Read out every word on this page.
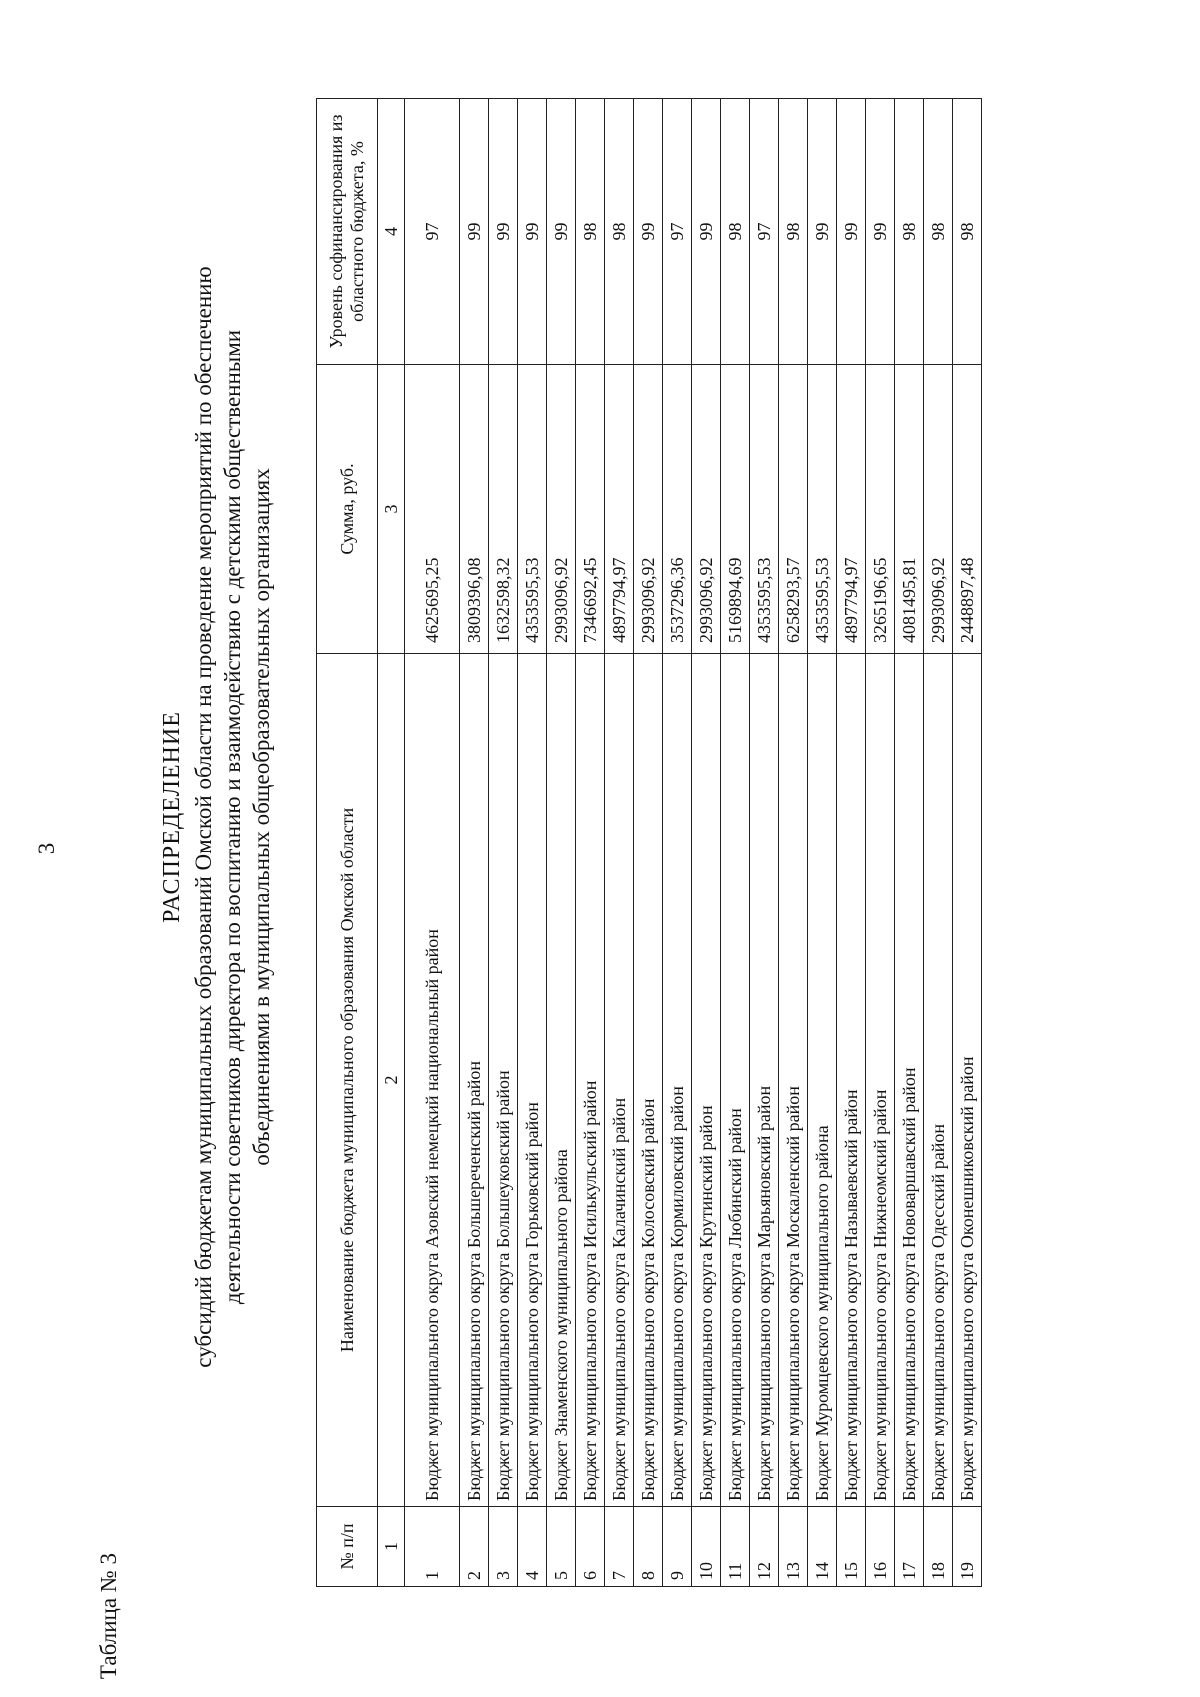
3
Таблица № 3
РАСПРЕДЕЛЕНИЕ субсидий бюджетам муниципальных образований Омской области на проведение мероприятий по обеспечению деятельности советников директора по воспитанию и взаимодействию с детскими общественными объединениями в муниципальных общеобразовательных организациях
№ п/п	Наименование бюджета муниципального образования Омской области	Сумма, руб.	Уровень софинансирования из областного бюджета, %
1	2	3	4
1	Бюджет муниципального округа Азовский немецкий национальный район	4625695,25	97
2	Бюджет муниципального округа Большереченский район	3809396,08	99
3	Бюджет муниципального округа Большеуковский район	1632598,32	99
4	Бюджет муниципального округа Горьковский район	4353595,53	99
5	Бюджет Знаменского муниципального района	2993096,92	99
6	Бюджет муниципального округа Исилькульский район	7346692,45	98
7	Бюджет муниципального округа Калачинский район	4897794,97	98
8	Бюджет муниципального округа Колосовский район	2993096,92	99
9	Бюджет муниципального округа Кормиловский район	3537296,36	97
10	Бюджет муниципального округа Крутинский район	2993096,92	99
11	Бюджет муниципального округа Любинский район	5169894,69	98
12	Бюджет муниципального округа Марьяновский район	4353595,53	97
13	Бюджет муниципального округа Москаленский район	6258293,57	98
14	Бюджет Муромцевского муниципального района	4353595,53	99
15	Бюджет муниципального округа Называевский район	4897794,97	99
16	Бюджет муниципального округа Нижнеомский район	3265196,65	99
17	Бюджет муниципального округа Нововаршавский район	4081495,81	98
18	Бюджет муниципального округа Одесский район	2993096,92	98
19	Бюджет муниципального округа Оконешниковский район	2448897,48	98
